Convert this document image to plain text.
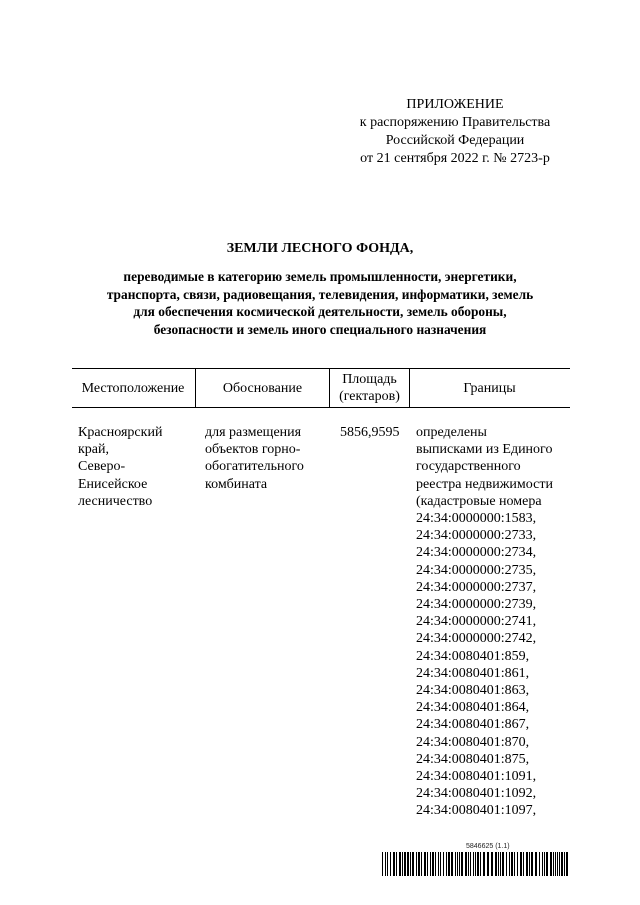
ПРИЛОЖЕНИЕ
к распоряжению Правительства
Российской Федерации
от 21 сентября 2022 г. № 2723-р
ЗЕМЛИ ЛЕСНОГО ФОНДА,
переводимые в категорию земель промышленности, энергетики,
транспорта, связи, радиовещания, телевидения, информатики, земель
для обеспечения космической деятельности, земель обороны,
безопасности и земель иного специального назначения
Местоположение	Обоснование
Площадь
(гектаров)
Границы
Красноярский
край,
Северо-
Енисейское
лесничество
для размещения
объектов горно-
обогатительного
комбината
5856,9595 определены
выписками из Единого
государственного
реестра недвижимости
(кадастровые номера
24:34:0000000:1583,
24:34:0000000:2733,
24:34:0000000:2734,
24:34:0000000:2735,
24:34:0000000:2737,
24:34:0000000:2739,
24:34:0000000:2741,
24:34:0000000:2742,
24:34:0080401:859,
24:34:0080401:861,
24:34:0080401:863,
24:34:0080401:864,
24:34:0080401:867,
24:34:0080401:870,
24:34:0080401:875,
24:34:0080401:1091,
24:34:0080401:1092,
24:34:0080401:1097,
5846625 (1.1)
